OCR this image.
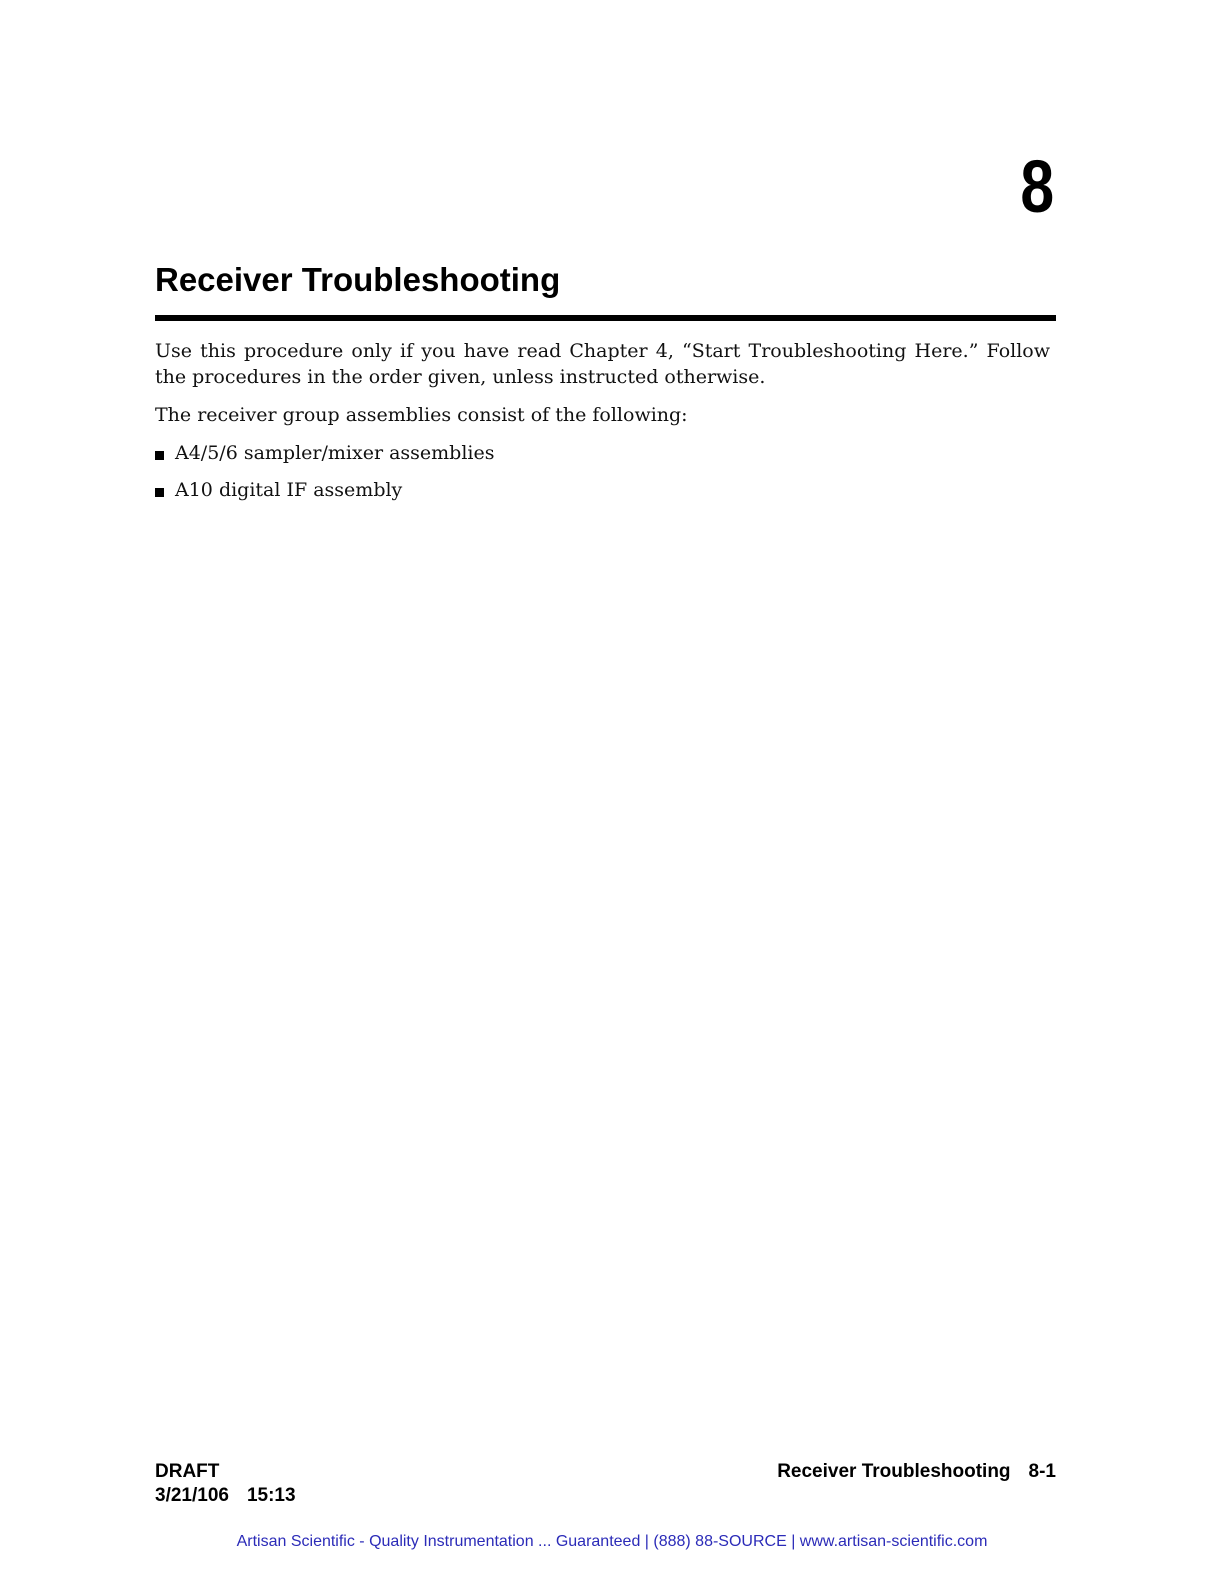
8
Receiver Troubleshooting

Use this procedure only if you have read Chapter 4, “Start Troubleshooting Here.” Follow the procedures in the order given, unless instructed otherwise.

The receiver group assemblies consist of the following:

A4/5/6 sampler/mixer assemblies
A10 digital IF assembly
DRAFT
3/21/106 15:13
Receiver Troubleshooting 8-1
Artisan Scientific - Quality Instrumentation ... Guaranteed | (888) 88-SOURCE | www.artisan-scientific.com
